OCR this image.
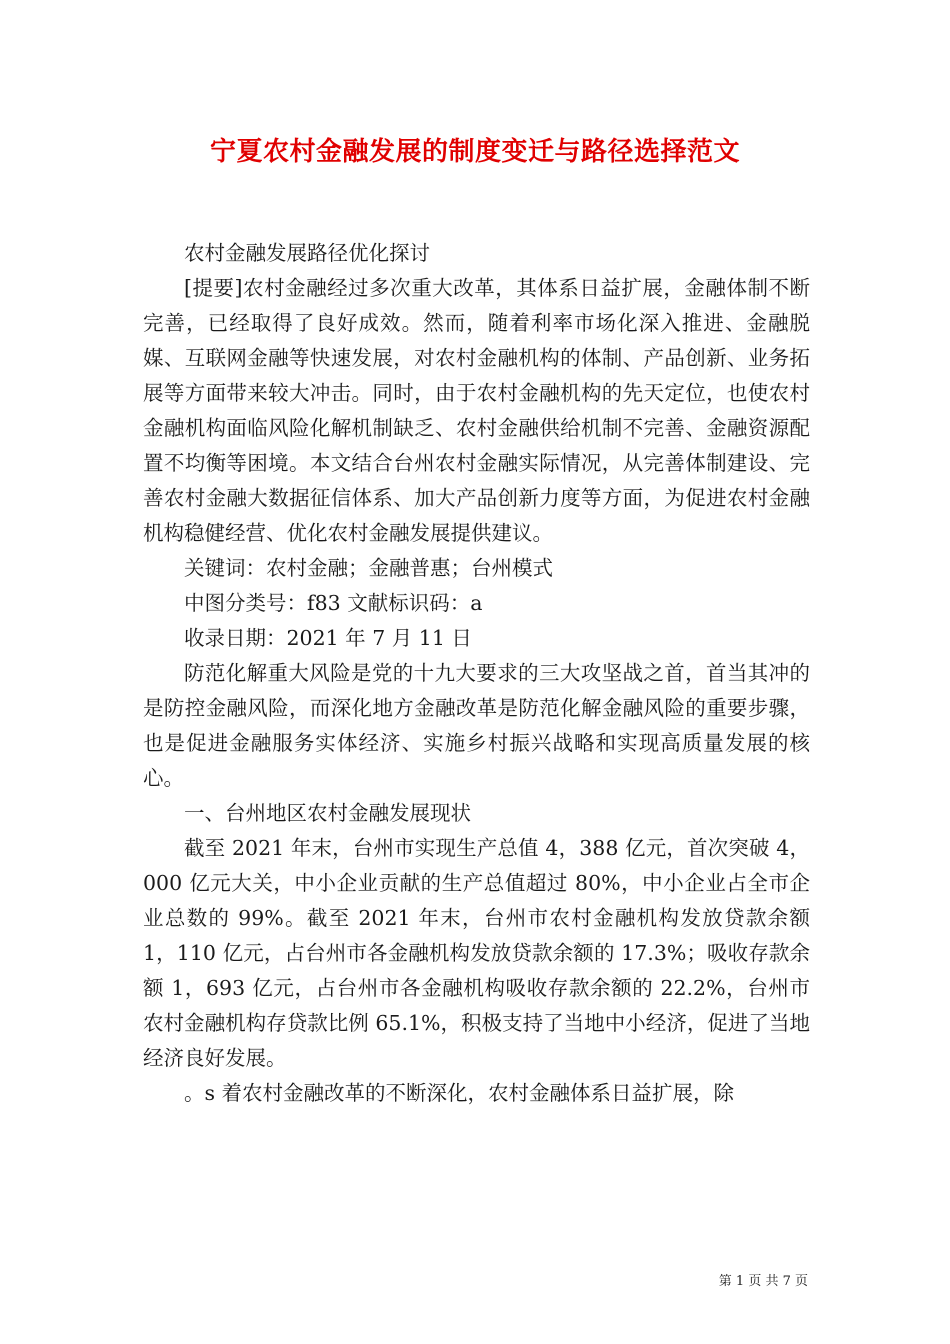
宁夏农村金融发展的制度变迁与路径选择范文

农村金融发展路径优化探讨

[提要]农村金融经过多次重大改革，其体系日益扩展，金融体制不断完善，已经取得了良好成效。然而，随着利率市场化深入推进、金融脱媒、互联网金融等快速发展，对农村金融机构的体制、产品创新、业务拓展等方面带来较大冲击。同时，由于农村金融机构的先天定位，也使农村金融机构面临风险化解机制缺乏、农村金融供给机制不完善、金融资源配置不均衡等困境。本文结合台州农村金融实际情况，从完善体制建设、完善农村金融大数据征信体系、加大产品创新力度等方面，为促进农村金融机构稳健经营、优化农村金融发展提供建议。

关键词：农村金融；金融普惠；台州模式

中图分类号：f83 文献标识码：a

收录日期：2021 年 7 月 11 日

防范化解重大风险是党的十九大要求的三大攻坚战之首，首当其冲的是防控金融风险，而深化地方金融改革是防范化解金融风险的重要步骤，也是促进金融服务实体经济、实施乡村振兴战略和实现高质量发展的核心。

一、台州地区农村金融发展现状

截至 2021 年末，台州市实现生产总值 4，388 亿元，首次突破 4，000 亿元大关，中小企业贡献的生产总值超过 80%，中小企业占全市企业总数的 99%。截至 2021 年末，台州市农村金融机构发放贷款余额 1，110 亿元，占台州市各金融机构发放贷款余额的 17.3%；吸收存款余额 1，693 亿元，占台州市各金融机构吸收存款余额的 22.2%，台州市农村金融机构存贷款比例 65.1%，积极支持了当地中小经济，促进了当地经济良好发展。

。s 着农村金融改革的不断深化，农村金融体系日益扩展，除

第 1 页 共 7 页
